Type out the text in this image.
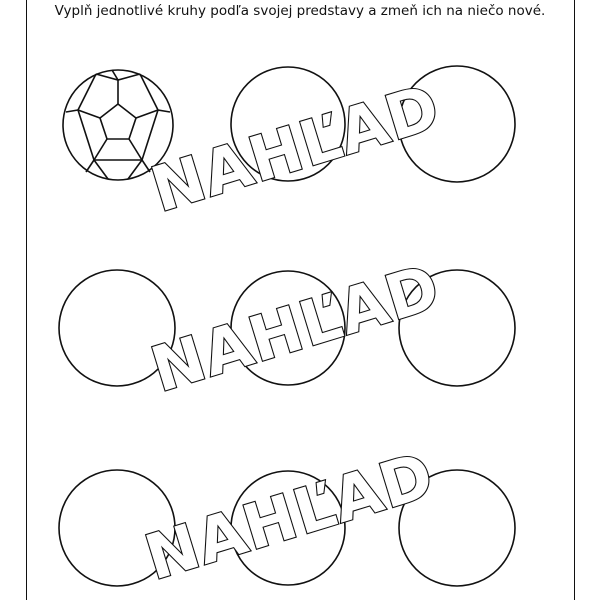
Vyplň jednotlivé kruhy podľa svojej predstavy a zmeň ich na niečo nové.
NAHĽAD
NAHĽAD
NAHĽAD
